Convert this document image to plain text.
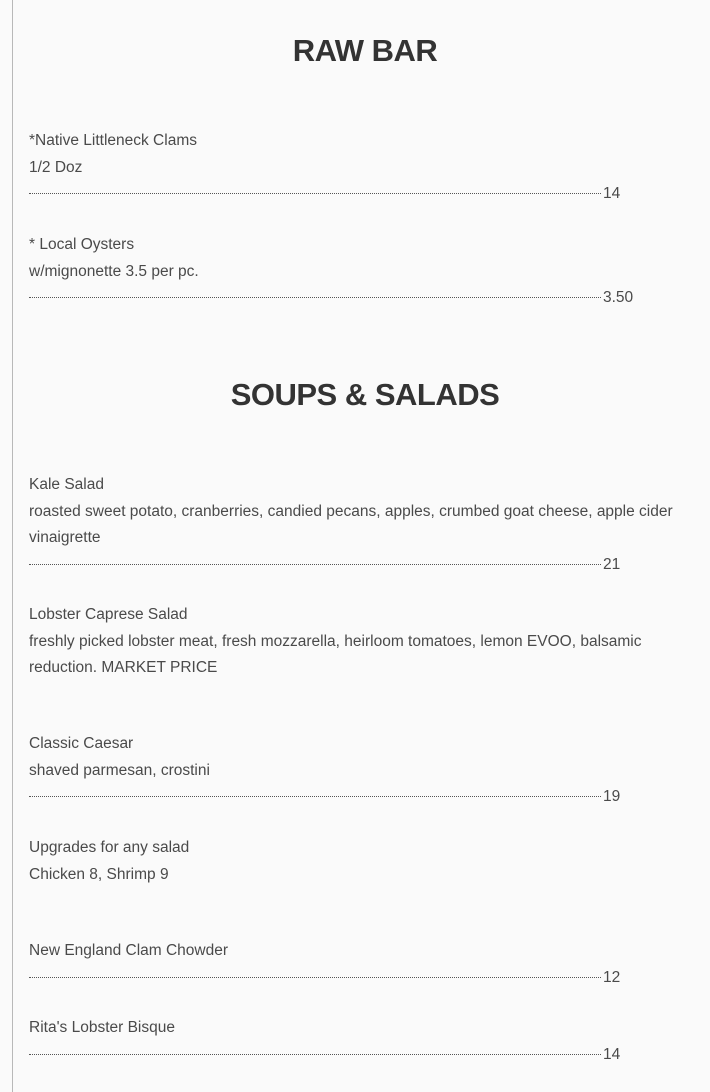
RAW BAR
*Native Littleneck Clams
1/2 Doz
14
* Local Oysters
w/mignonette 3.5 per pc.
3.50
SOUPS & SALADS
Kale Salad
roasted sweet potato, cranberries, candied pecans, apples, crumbed goat cheese, apple cider vinaigrette
21
Lobster Caprese Salad
freshly picked lobster meat, fresh mozzarella, heirloom tomatoes, lemon EVOO, balsamic reduction. MARKET PRICE
Classic Caesar
shaved parmesan, crostini
19
Upgrades for any salad
Chicken 8, Shrimp 9
New England Clam Chowder
12
Rita's Lobster Bisque
14
